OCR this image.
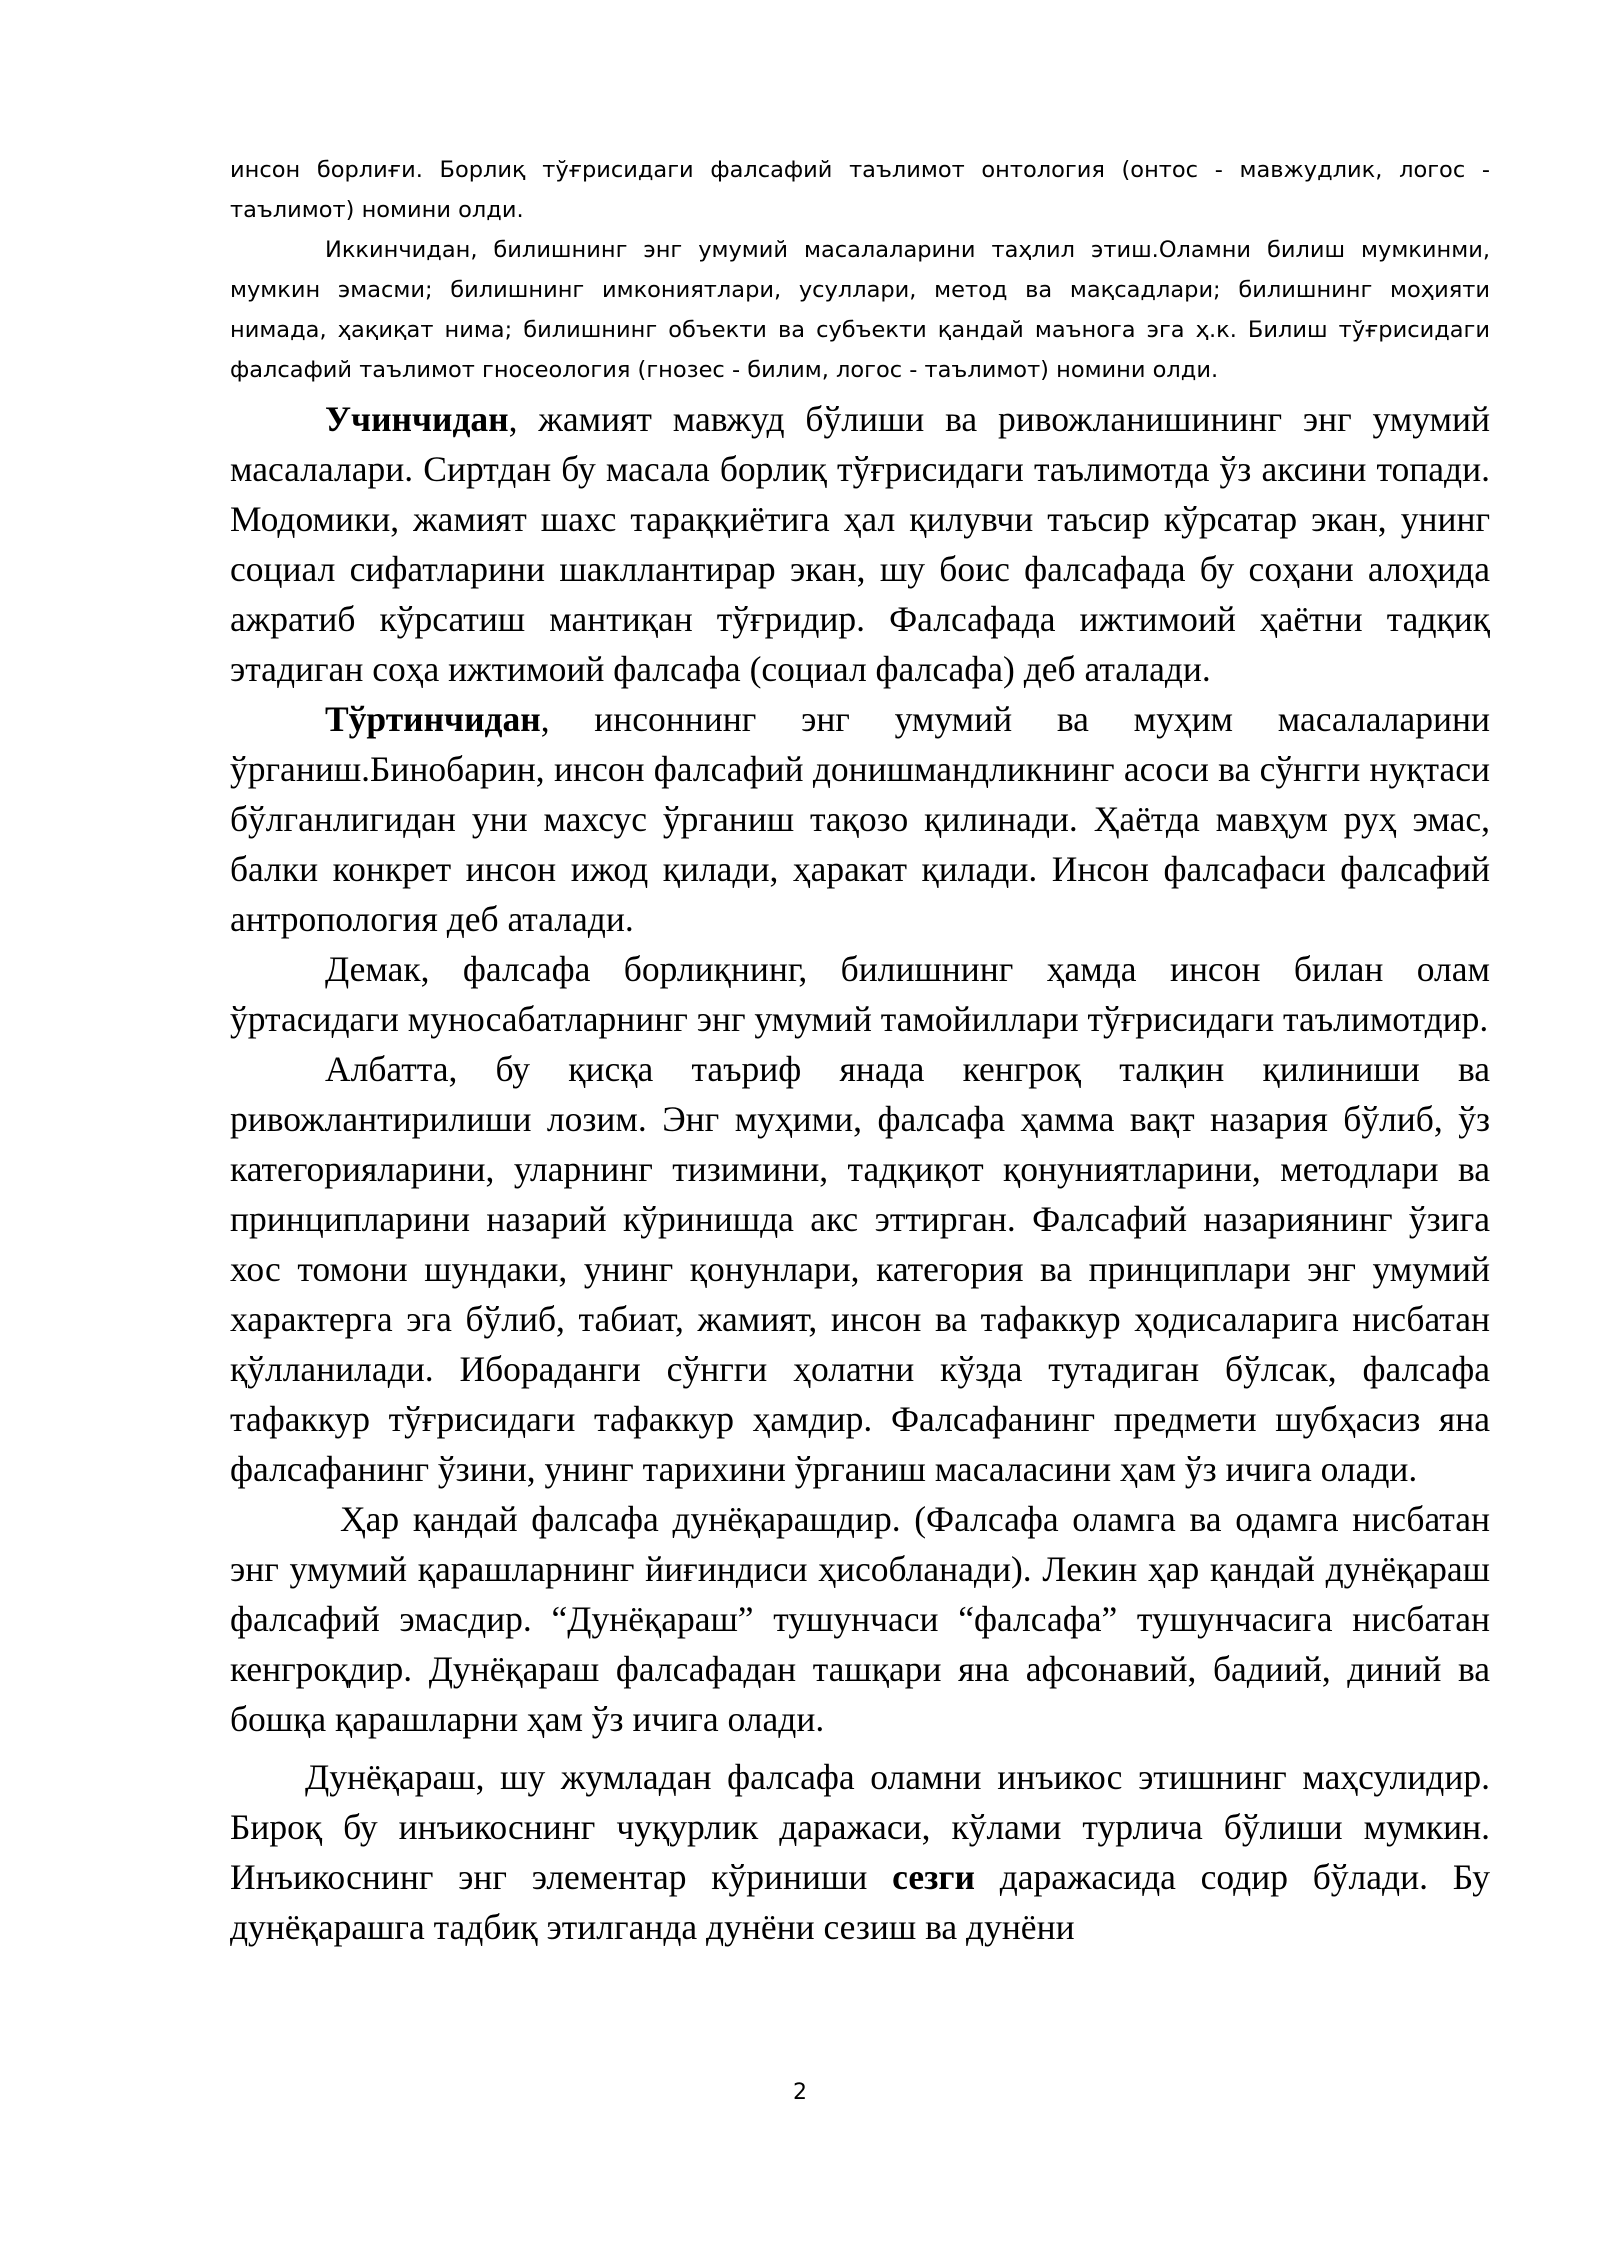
инсон борлиғи. Борлиқ тўғрисидаги фалсафий таълимот онтология (онтос - мавжудлик, логос - таълимот) номини олди.

Иккинчидан, билишнинг энг умумий масалаларини таҳлил этиш.Оламни билиш мумкинми, мумкин эмасми; билишнинг имкониятлари, усуллари, метод ва мақсадлари; билишнинг моҳияти нимада, ҳақиқат нима; билишнинг объекти ва субъекти қандай маънога эга ҳ.к. Билиш тўғрисидаги фалсафий таълимот гносеология (гнозес - билим, логос - таълимот) номини олди.

Учинчидан, жамият мавжуд бўлиши ва ривожланишининг энг умумий масалалари. Сиртдан бу масала борлиқ тўғрисидаги таълимотда ўз аксини топади. Модомики, жамият шахс тараққиётига ҳал қилувчи таъсир кўрсатар экан, унинг социал сифатларини шакллантирар экан, шу боис фалсафада бу соҳани алоҳида ажратиб кўрсатиш мантиқан тўғридир. Фалсафада ижтимоий ҳаётни тадқиқ этадиган соҳа ижтимоий фалсафа (социал фалсафа) деб аталади.

Тўртинчидан, инсоннинг энг умумий ва муҳим масалаларини ўрганиш.Бинобарин, инсон фалсафий донишмандликнинг асоси ва сўнгги нуқтаси бўлганлигидан уни махсус ўрганиш тақозо қилинади. Ҳаётда мавҳум руҳ эмас, балки конкрет инсон ижод қилади, ҳаракат қилади. Инсон фалсафаси фалсафий антропология деб аталади.

Демак, фалсафа борлиқнинг, билишнинг ҳамда инсон билан олам ўртасидаги муносабатларнинг энг умумий тамойиллари тўғрисидаги таълимотдир.

Албатта, бу қисқа таъриф янада кенгроқ талқин қилиниши ва ривожлантирилиши лозим. Энг муҳими, фалсафа ҳамма вақт назария бўлиб, ўз категорияларини, уларнинг тизимини, тадқиқот қонуниятларини, методлари ва принципларини назарий кўринишда акс эттирган. Фалсафий назариянинг ўзига хос томони шундаки, унинг қонунлари, категория ва принциплари энг умумий характерга эга бўлиб, табиат, жамият, инсон ва тафаккур ҳодисаларига нисбатан қўлланилади. Ибораданги сўнгги ҳолатни кўзда тутадиган бўлсак, фалсафа тафаккур тўғрисидаги тафаккур ҳамдир. Фалсафанинг предмети шубҳасиз яна фалсафанинг ўзини, унинг тарихини ўрганиш масаласини ҳам ўз ичига олади.

Ҳар қандай фалсафа дунёқарашдир. (Фалсафа оламга ва одамга нисбатан энг умумий қарашларнинг йиғиндиси ҳисобланади). Лекин ҳар қандай дунёқараш фалсафий эмасдир. “Дунёқараш” тушунчаси “фалсафа” тушунчасига нисбатан кенгроқдир. Дунёқараш фалсафадан ташқари яна афсонавий, бадиий, диний ва бошқа қарашларни ҳам ўз ичига олади.

Дунёқараш, шу жумладан фалсафа оламни инъикос этишнинг маҳсулидир. Бироқ бу инъикоснинг чуқурлик даражаси, кўлами турлича бўлиши мумкин. Инъикоснинг энг элементар кўриниши сезги даражасида содир бўлади. Бу дунёқарашга тадбиқ этилганда дунёни сезиш ва дунёни

2
